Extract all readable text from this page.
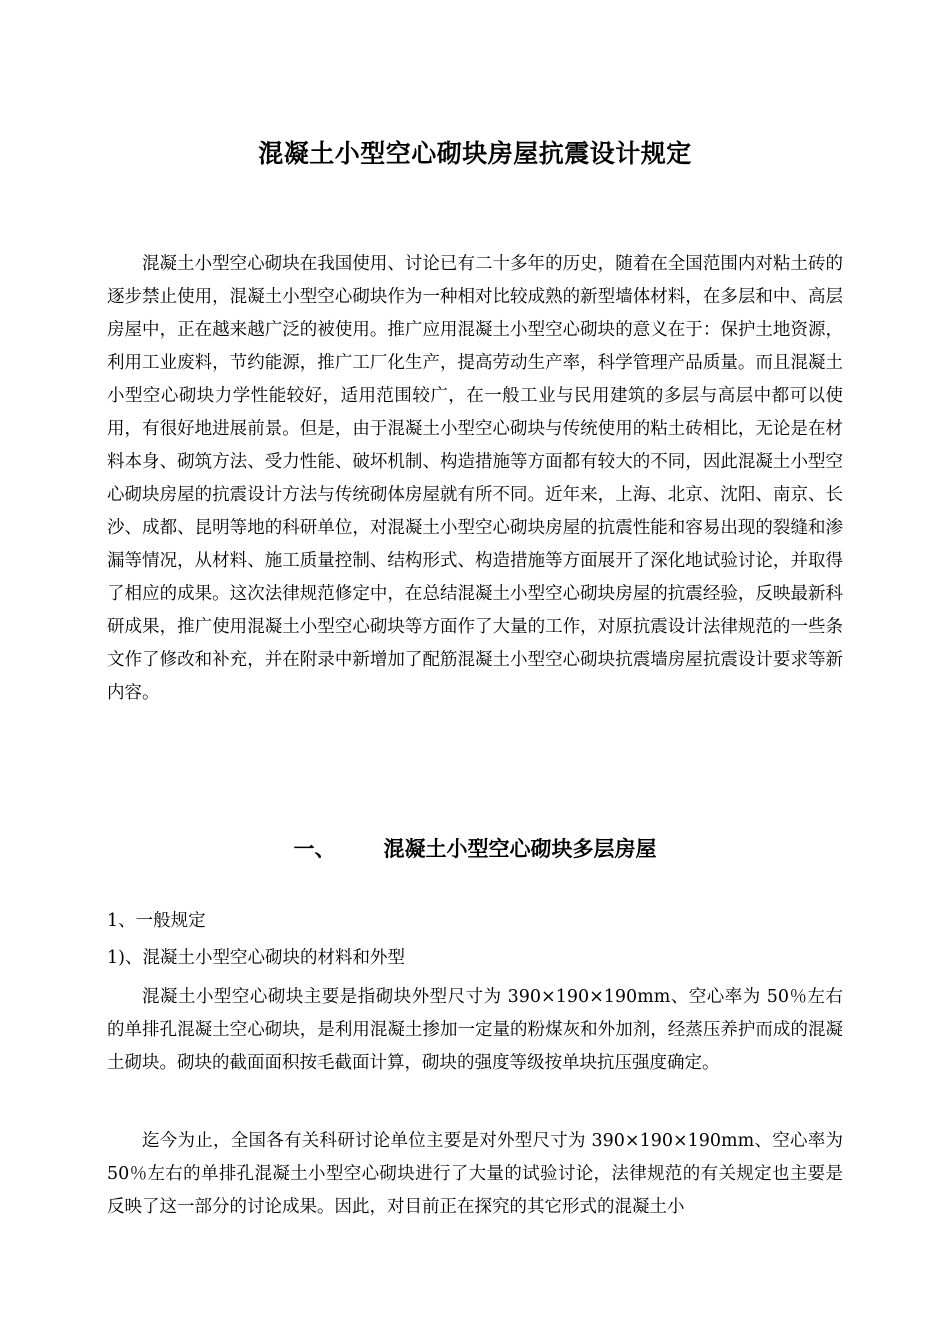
混凝土小型空心砌块房屋抗震设计规定

混凝土小型空心砌块在我国使用、讨论已有二十多年的历史，随着在全国范围内对粘土砖的逐步禁止使用，混凝土小型空心砌块作为一种相对比较成熟的新型墙体材料，在多层和中、高层房屋中，正在越来越广泛的被使用。推广应用混凝土小型空心砌块的意义在于：保护土地资源，利用工业废料，节约能源，推广工厂化生产，提高劳动生产率，科学管理产品质量。而且混凝土小型空心砌块力学性能较好，适用范围较广，在一般工业与民用建筑的多层与高层中都可以使用，有很好地进展前景。但是，由于混凝土小型空心砌块与传统使用的粘土砖相比，无论是在材料本身、砌筑方法、受力性能、破坏机制、构造措施等方面都有较大的不同，因此混凝土小型空心砌块房屋的抗震设计方法与传统砌体房屋就有所不同。近年来，上海、北京、沈阳、南京、长沙、成都、昆明等地的科研单位，对混凝土小型空心砌块房屋的抗震性能和容易出现的裂缝和渗漏等情况，从材料、施工质量控制、结构形式、构造措施等方面展开了深化地试验讨论，并取得了相应的成果。这次法律规范修定中，在总结混凝土小型空心砌块房屋的抗震经验，反映最新科研成果，推广使用混凝土小型空心砌块等方面作了大量的工作，对原抗震设计法律规范的一些条文作了修改和补充，并在附录中新增加了配筋混凝土小型空心砌块抗震墙房屋抗震设计要求等新内容。

一、 混凝土小型空心砌块多层房屋

1、一般规定

1)、混凝土小型空心砌块的材料和外型

混凝土小型空心砌块主要是指砌块外型尺寸为 390×190×190mm、空心率为 50％左右的单排孔混凝土空心砌块，是利用混凝土掺加一定量的粉煤灰和外加剂，经蒸压养护而成的混凝土砌块。砌块的截面面积按毛截面计算，砌块的强度等级按单块抗压强度确定。

迄今为止，全国各有关科研讨论单位主要是对外型尺寸为 390×190×190mm、空心率为 50％左右的单排孔混凝土小型空心砌块进行了大量的试验讨论，法律规范的有关规定也主要是反映了这一部分的讨论成果。因此，对目前正在探究的其它形式的混凝土小
